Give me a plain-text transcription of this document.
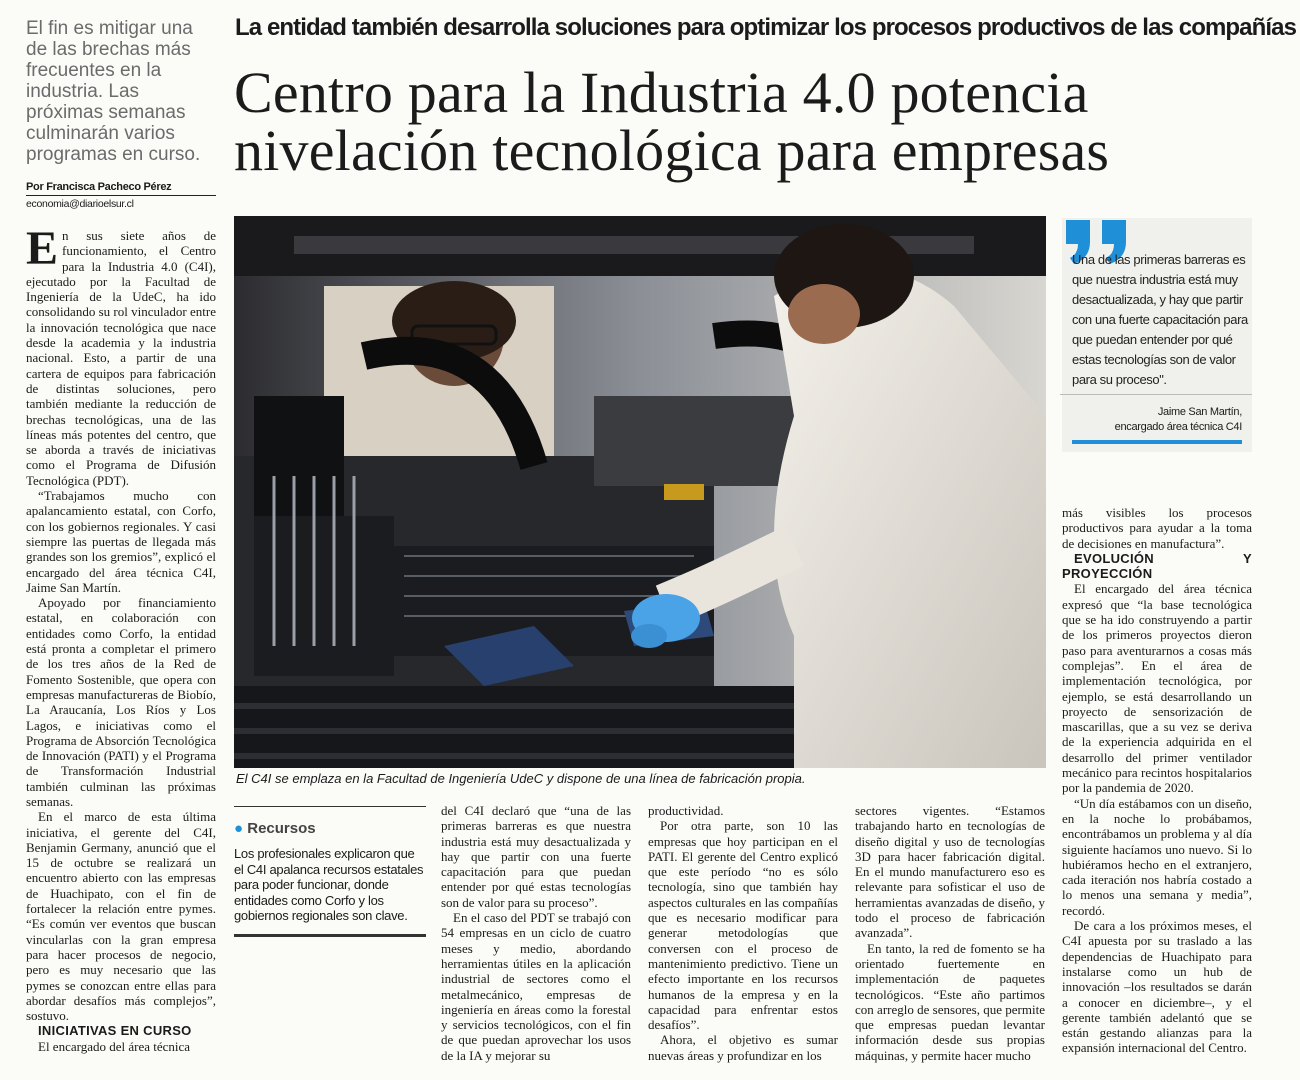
El fin es mitigar una de las brechas más frecuentes en la industria. Las próximas semanas culminarán varios programas en curso.
Por Francisca Pacheco Pérez
economia@diarioelsur.cl
La entidad también desarrolla soluciones para optimizar los procesos productivos de las compañías
Centro para la Industria 4.0 potencia
nivelación tecnológica para empresas
El C4I se emplaza en la Facultad de Ingeniería UdeC y dispone de una línea de fabricación propia.
Una de las primeras barreras es que nuestra industria está muy desactualizada, y hay que partir con una fuerte capacitación para que puedan entender por qué estas tecnologías son de valor para su proceso".
Jaime San Martín,
encargado área técnica C4I

En sus siete años de funcionamiento, el Centro para la Industria 4.0 (C4I), ejecutado por la Facultad de Ingeniería de la UdeC, ha ido consolidando su rol vinculador entre la innovación tecnológica que nace desde la academia y la industria nacional. Esto, a partir de una cartera de equipos para fabricación de distintas soluciones, pero también mediante la reducción de brechas tecnológicas, una de las líneas más potentes del centro, que se aborda a través de iniciativas como el Programa de Difusión Tecnológica (PDT).

“Trabajamos mucho con apalancamiento estatal, con Corfo, con los gobiernos regionales. Y casi siempre las puertas de llegada más grandes son los gremios”, explicó el encargado del área técnica C4I, Jaime San Martín.

Apoyado por financiamiento estatal, en colaboración con entidades como Corfo, la entidad está pronta a completar el primero de los tres años de la Red de Fomento Sostenible, que opera con empresas manufactureras de Biobío, La Araucanía, Los Ríos y Los Lagos, e iniciativas como el Programa de Absorción Tecnológica de Innovación (PATI) y el Programa de Transformación Industrial también culminan las próximas semanas.

En el marco de esta última iniciativa, el gerente del C4I, Benjamin Germany, anunció que el 15 de octubre se realizará un encuentro abierto con las empresas de Huachipato, con el fin de fortalecer la relación entre pymes. “Es común ver eventos que buscan vincularlas con la gran empresa para hacer procesos de negocio, pero es muy necesario que las pymes se conozcan entre ellas para abordar desafíos más complejos”, sostuvo.

INICIATIVAS EN CURSO

El encargado del área técnica

● Recursos
Los profesionales explicaron que el C4I apalanca recursos estatales para poder funcionar, donde entidades como Corfo y los gobiernos regionales son clave.

del C4I declaró que “una de las primeras barreras es que nuestra industria está muy desactualizada y hay que partir con una fuerte capacitación para que puedan entender por qué estas tecnologías son de valor para su proceso”.

En el caso del PDT se trabajó con 54 empresas en un ciclo de cuatro meses y medio, abordando herramientas útiles en la aplicación industrial de sectores como el metalmecánico, empresas de ingeniería en áreas como la forestal y servicios tecnológicos, con el fin de que puedan aprovechar los usos de la IA y mejorar su

productividad.

Por otra parte, son 10 las empresas que hoy participan en el PATI. El gerente del Centro explicó que este período “no es sólo tecnología, sino que también hay aspectos culturales en las compañías que es necesario modificar para generar metodologías que conversen con el proceso de mantenimiento predictivo. Tiene un efecto importante en los recursos humanos de la empresa y en la capacidad para enfrentar estos desafíos”.

Ahora, el objetivo es sumar nuevas áreas y profundizar en los

sectores vigentes. “Estamos trabajando harto en tecnologías de diseño digital y uso de tecnologías 3D para hacer fabricación digital. En el mundo manufacturero eso es relevante para sofisticar el uso de herramientas avanzadas de diseño, y todo el proceso de fabricación avanzada”.

En tanto, la red de fomento se ha orientado fuertemente en implementación de paquetes tecnológicos. “Este año partimos con arreglo de sensores, que permite que empresas puedan levantar información desde sus propias máquinas, y permite hacer mucho

más visibles los procesos productivos para ayudar a la toma de decisiones en manufactura”.

EVOLUCIÓN Y PROYECCIÓN

El encargado del área técnica expresó que “la base tecnológica que se ha ido construyendo a partir de los primeros proyectos dieron paso para aventurarnos a cosas más complejas”. En el área de implementación tecnológica, por ejemplo, se está desarrollando un proyecto de sensorización de mascarillas, que a su vez se deriva de la experiencia adquirida en el desarrollo del primer ventilador mecánico para recintos hospitalarios por la pandemia de 2020.

“Un día estábamos con un diseño, en la noche lo probábamos, encontrábamos un problema y al día siguiente hacíamos uno nuevo. Si lo hubiéramos hecho en el extranjero, cada iteración nos habría costado a lo menos una semana y media”, recordó.

De cara a los próximos meses, el C4I apuesta por su traslado a las dependencias de Huachipato para instalarse como un hub de innovación –los resultados se darán a conocer en diciembre–, y el gerente también adelantó que se están gestando alianzas para la expansión internacional del Centro.
